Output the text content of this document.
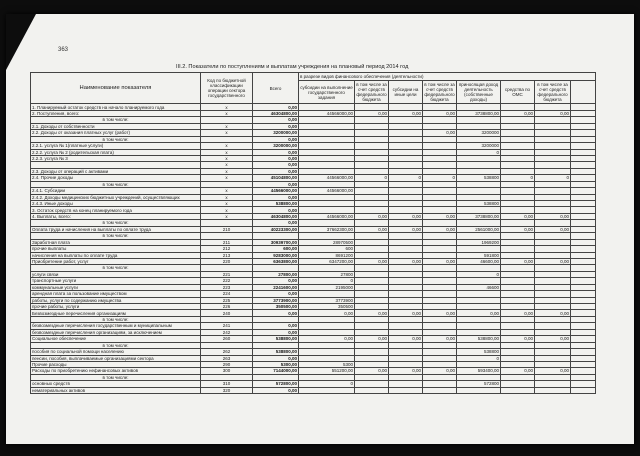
363
III.2. Показатели по поступлениям и выплатам учреждения на плановый период 2014 год
Наименование показателя	Код по бюджетной классификации операции сектора государственного	Всего	в разрезе видов финансового обеспечения (деятельности)							
			субсидии на выполнение государственного задания	в том числе за счет средств федерального бюджета	субсидии на иные цели	в том числе за счет средств федерального бюджета	приносящая доход деятельность (собственные доходы)	средства по ОМС	в том числе за счет средств федерального бюджета	
1. Планируемый остаток средств на начало планируемого года	x	0,00								
2. Поступления, всего:	x	46304800,00	44566000,00	0,00	0,00	0,00	3738800,00	0,00	0,00	
в том числе:		0,00								
2.1. Доходы от собственности	x	0,00								
2.2. Доходы от оказания платных услуг (работ)	x	3200000,00				0,00	3200000			
в том числе:		0,00								
2.2.1. услуга № 1(платные услуги)	x	3200000,00					3200000			
2.2.2. услуга № 2 (родительская плата)	x	0,00					0			
2.2.3. услуга № 3	x	0,00								
	x	0,00								
2.3. Доходы от операций с активами	x	0,00								
2.4. Прочие доходы	x	45104800,00	44566000,00	0	0	0	538800	0	0	
в том числе:		0,00								
2.4.1. Субсидии	x	44566000,00	44566000,00							
2.4.2. Доходы медицинских бюджетных учреждений, осуществляющих	x	0,00								
2.4.3. Иные доходы	x	538800,00					538800			
3. Остаток средств на конец планируемого года	x	0,00								
4. Выплаты, всего:	x	46304800,00	44566000,00	0,00	0,00	0,00	3738800,00	0,00	0,00	
в том числе:		0,00								
Оплата труда и начисления на выплаты по оплате труда	210	40223300,00	37662300,00	0,00	0,00	0,00	2561000,00	0,00	0,00	
в том числе:										
Заработная плата	211	30939700,00	28970500				1969200			
прочие выплаты	212	600,00	600							
начисления на выплаты по оплате труда	213	9283000,00	8691200				591800			
Приобретение работ, услуг	220	6363800,00	6347200,00	0,00	0,00	0,00	46600,00	0,00	0,00	
в том числе:										
услуги связи	221	27800,00	27800				0			
транспортные услуги	222	0,00	0							
коммунальные услуги	223	2241600,00	2195000				46600			
арендная плата за пользование имуществом	224	0,00								
работы, услуги по содержанию имущества	225	3773900,00	3773900							
прочие работы, услуги	226	350500,00	350500							
Безвозмездные перечисления организациям	240	0,00	0,00	0,00	0,00	0,00	0,00	0,00	0,00	
в том числе:										
безвозмездные перечисления государственным и муниципальным	241	0,00								
безвозмездные перечисления организациям, за исключением	242	0,00								
Социальное обеспечение	260	538800,00	0,00	0,00	0,00	0,00	538800,00	0,00	0,00	
в том числе:										
пособия по социальной помощи населению	262	538800,00					538800			
пенсии, пособия, выплачиваемые организациями сектора	263	0,00					0			
Прочие расходы	290	5300,00	5300							
Расходы по приобретению нефинансовых активов	300	7144000,00	551200,00	0,00	0,00	0,00	593400,00	0,00	0,00	
в том числе:										
основных средств	310	572800,00	0				572800			
нематериальных активов	320	0,00								
